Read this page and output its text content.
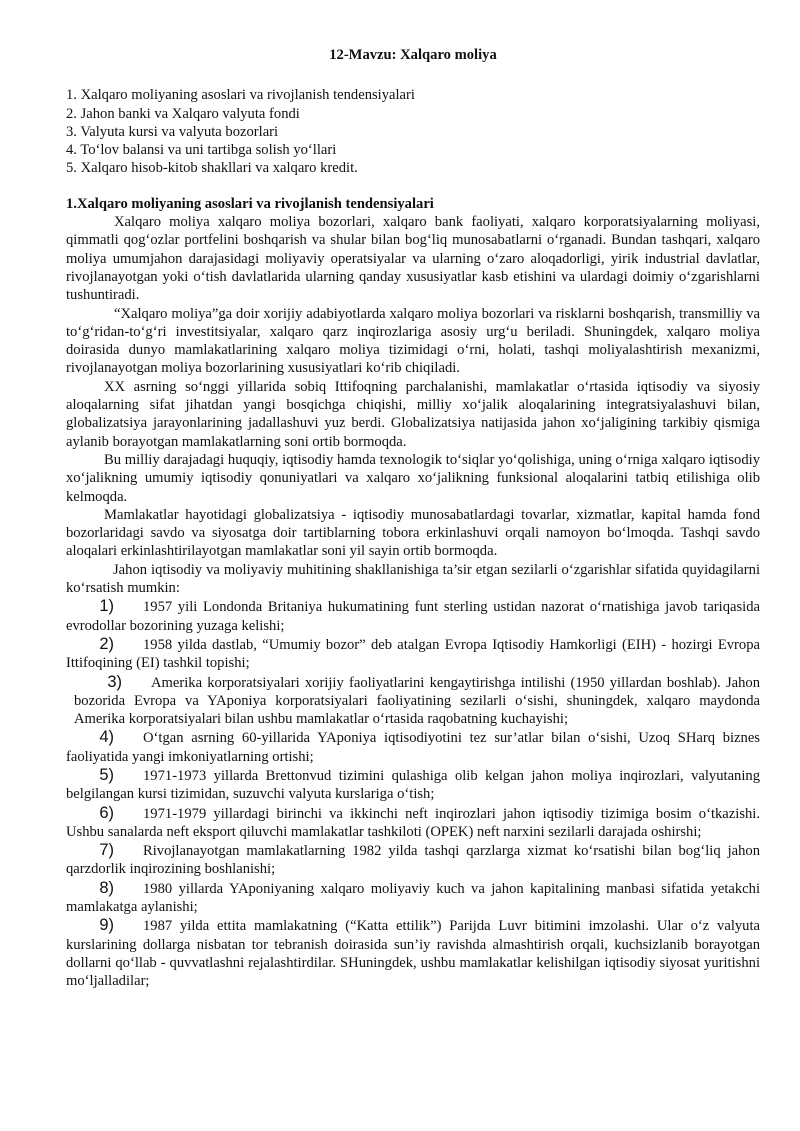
12-Mavzu: Xalqaro moliya
1. Xalqaro moliyaning asoslari va rivojlanish tendensiyalari
2. Jahon banki va Xalqaro valyuta fondi
3. Valyuta kursi va valyuta bozorlari
4. To‘lov balansi va uni tartibga solish yo‘llari
5. Xalqaro hisob-kitob shakllari va xalqaro kredit.
1.Xalqaro moliyaning asoslari va rivojlanish tendensiyalari

Xalqaro moliya xalqaro moliya bozorlari, xalqaro bank faoliyati, xalqaro korporatsiyalarning moliyasi, qimmatli qog‘ozlar portfelini boshqarish va shular bilan bog‘liq munosabatlarni o‘rganadi. Bundan tashqari, xalqaro moliya umumjahon darajasidagi moliyaviy operatsiyalar va ularning o‘zaro aloqadorligi, yirik industrial davlatlar, rivojlanayotgan yoki o‘tish davlatlarida ularning qanday xususiyatlar kasb etishini va ulardagi doimiy o‘zgarishlarni tushuntiradi.

“Xalqaro moliya”ga doir xorijiy adabiyotlarda xalqaro moliya bozorlari va risklarni boshqarish, transmilliy va to‘g‘ridan-to‘g‘ri investitsiyalar, xalqaro qarz inqirozlariga asosiy urg‘u beriladi. Shuningdek, xalqaro moliya doirasida dunyo mamlakatlarining xalqaro moliya tizimidagi o‘rni, holati, tashqi moliyalashtirish mexanizmi, rivojlanayotgan moliya bozorlarining xususiyatlari ko‘rib chiqiladi.

XX asrning so‘nggi yillarida sobiq Ittifoqning parchalanishi, mamlakatlar o‘rtasida iqtisodiy va siyosiy aloqalarning sifat jihatdan yangi bosqichga chiqishi, milliy xo‘jalik aloqalarining integratsiyalashuvi bilan, globalizatsiya jarayonlarining jadallashuvi yuz berdi. Globalizatsiya natijasida jahon xo‘jaligining tarkibiy qismiga aylanib borayotgan mamlakatlarning soni ortib bormoqda.

Bu milliy darajadagi huquqiy, iqtisodiy hamda texnologik to‘siqlar yo‘qolishiga, uning o‘rniga xalqaro iqtisodiy xo‘jalikning umumiy iqtisodiy qonuniyatlari va xalqaro xo‘jalikning funksional aloqalarini tatbiq etilishiga olib kelmoqda.

Mamlakatlar hayotidagi globalizatsiya - iqtisodiy munosabatlardagi tovarlar, xizmatlar, kapital hamda fond bozorlaridagi savdo va siyosatga doir tartiblarning tobora erkinlashuvi orqali namoyon bo‘lmoqda. Tashqi savdo aloqalari erkinlashtirilayotgan mamlakatlar soni yil sayin ortib bormoqda.

Jahon iqtisodiy va moliyaviy muhitining shakllanishiga ta’sir etgan sezilarli o‘zgarishlar sifatida quyidagilarni ko‘rsatish mumkin:

1) 1957 yili Londonda Britaniya hukumatining funt sterling ustidan nazorat o‘rnatishiga javob tariqasida evrodollar bozorining yuzaga kelishi;

2) 1958 yilda dastlab, “Umumiy bozor” deb atalgan Evropa Iqtisodiy Hamkorligi (EIH) - hozirgi Evropa Ittifoqining (EI) tashkil topishi;

3) Amerika korporatsiyalari xorijiy faoliyatlarini kengaytirishga intilishi (1950 yillardan boshlab). Jahon bozorida Evropa va YAponiya korporatsiyalari faoliyatining sezilarli o‘sishi, shuningdek, xalqaro maydonda Amerika korporatsiyalari bilan ushbu mamlakatlar o‘rtasida raqobatning kuchayishi;

4) O‘tgan asrning 60-yillarida YAponiya iqtisodiyotini tez sur’atlar bilan o‘sishi, Uzoq SHarq biznes faoliyatida yangi imkoniyatlarning ortishi;

5) 1971-1973 yillarda Brettonvud tizimini qulashiga olib kelgan jahon moliya inqirozlari, valyutaning belgilangan kursi tizimidan, suzuvchi valyuta kurslariga o‘tish;

6) 1971-1979 yillardagi birinchi va ikkinchi neft inqirozlari jahon iqtisodiy tizimiga bosim o‘tkazishi. Ushbu sanalarda neft eksport qiluvchi mamlakatlar tashkiloti (OPEK) neft narxini sezilarli darajada oshirshi;

7) Rivojlanayotgan mamlakatlarning 1982 yilda tashqi qarzlarga xizmat ko‘rsatishi bilan bog‘liq jahon qarzdorlik inqirozining boshlanishi;

8) 1980 yillarda YAponiyaning xalqaro moliyaviy kuch va jahon kapitalining manbasi sifatida yetakchi mamlakatga aylanishi;

9) 1987 yilda ettita mamlakatning (“Katta ettilik”) Parijda Luvr bitimini imzolashi. Ular o‘z valyuta kurslarining dollarga nisbatan tor tebranish doirasida sun’iy ravishda almashtirish orqali, kuchsizlanib borayotgan dollarni qo‘llab - quvvatlashni rejalashtirdilar. SHuningdek, ushbu mamlakatlar kelishilgan iqtisodiy siyosat yuritishni mo‘ljalladilar;
